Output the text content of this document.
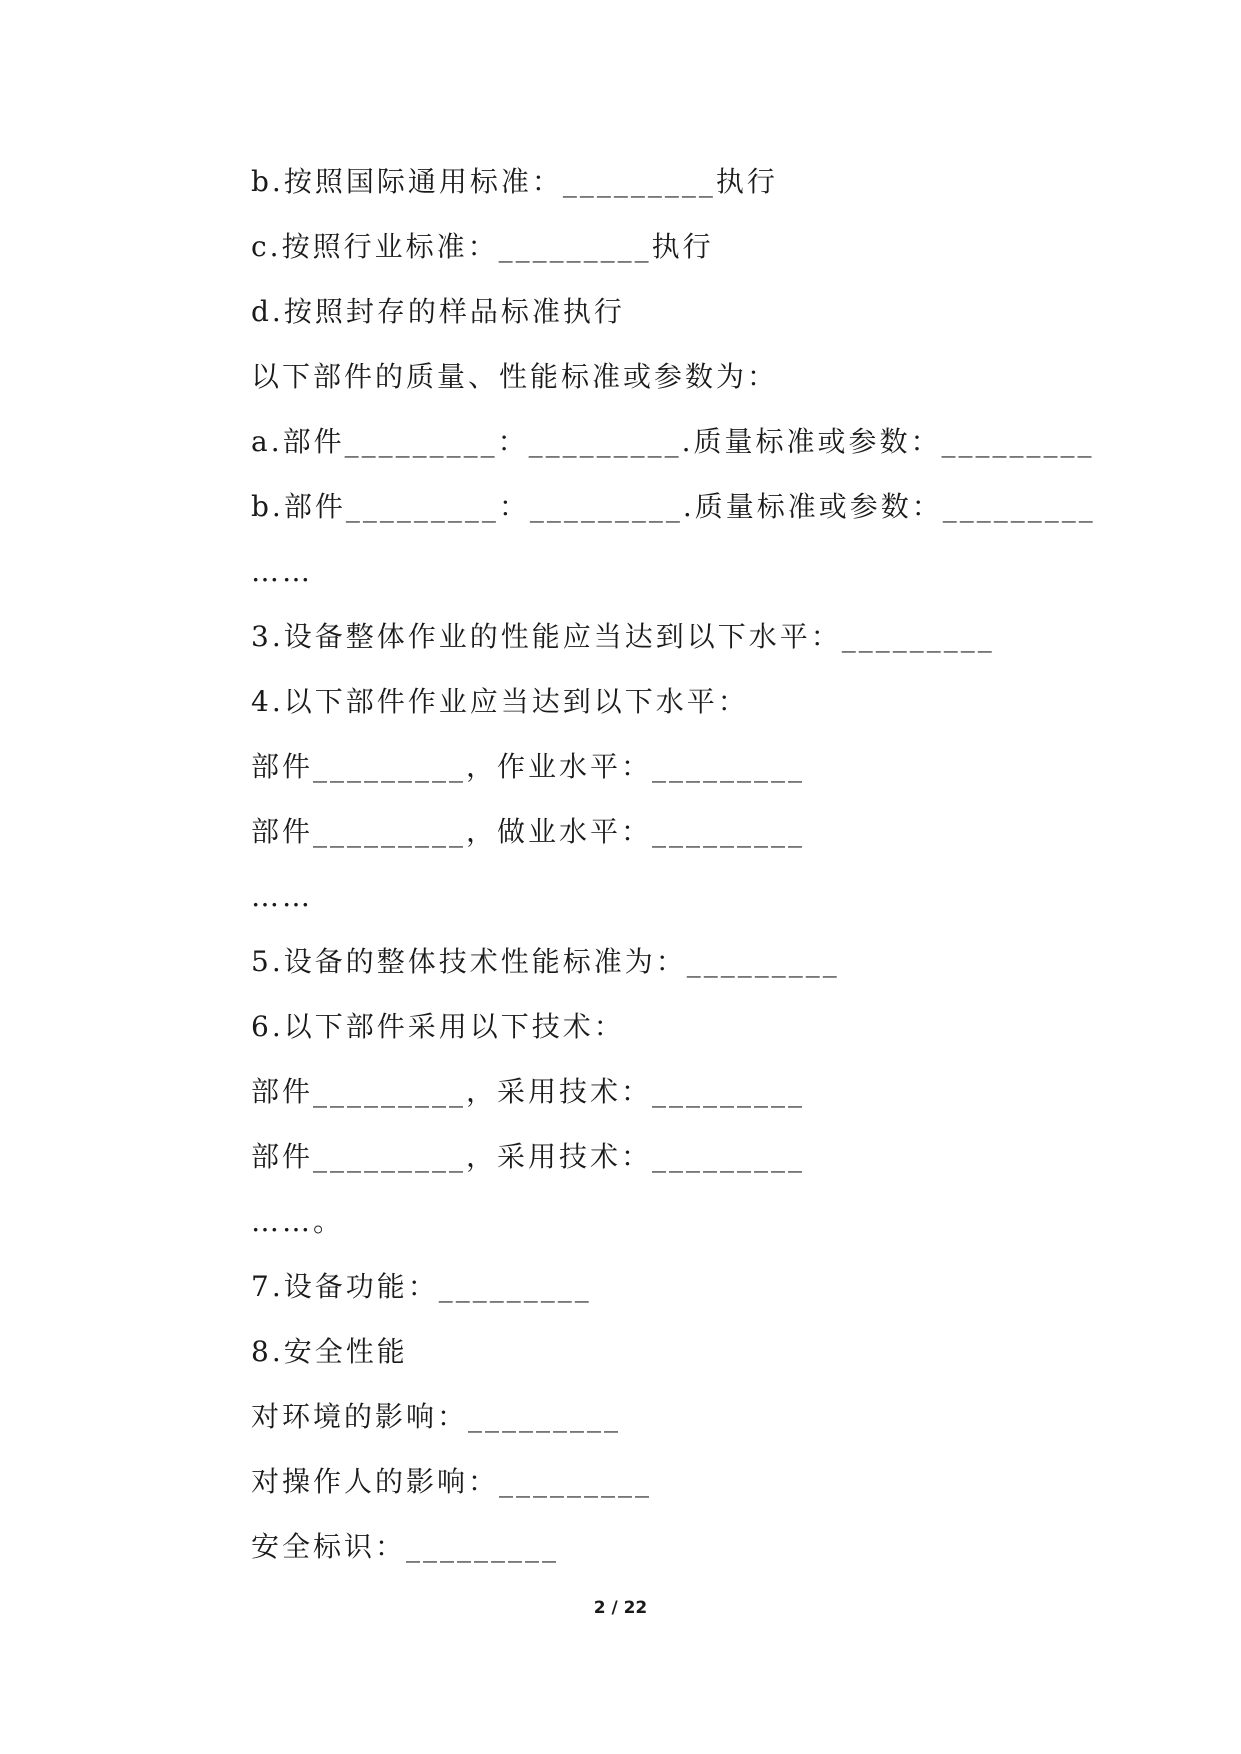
b.按照国际通用标准：_________执行
c.按照行业标准：_________执行
d.按照封存的样品标准执行
以下部件的质量、性能标准或参数为：
a.部件_________：_________.质量标准或参数：_________
b.部件_________：_________.质量标准或参数：_________
……
3.设备整体作业的性能应当达到以下水平：_________
4.以下部件作业应当达到以下水平：
部件_________，作业水平：_________
部件_________，做业水平：_________
……
5.设备的整体技术性能标准为：_________
6.以下部件采用以下技术：
部件_________，采用技术：_________
部件_________，采用技术：_________
……。
7.设备功能：_________
8.安全性能
对环境的影响：_________
对操作人的影响：_________
安全标识：_________
2 / 22
